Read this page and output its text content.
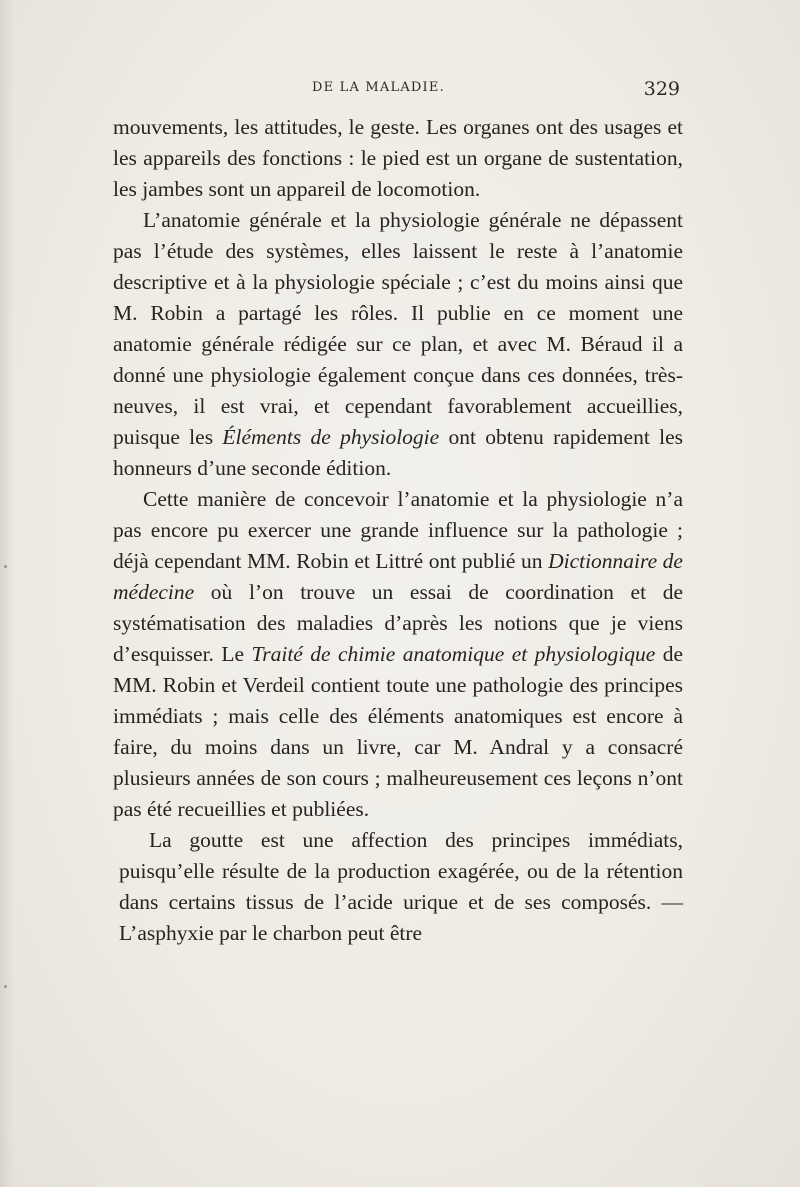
DE LA MALADIE.	329

mouvements, les attitudes, le geste. Les organes ont des usages et les appareils des fonctions : le pied est un organe de sustentation, les jambes sont un appareil de locomotion.

L’anatomie générale et la physiologie générale ne dépassent pas l’étude des systèmes, elles laissent le reste à l’anatomie descriptive et à la physiologie spéciale ; c’est du moins ainsi que M. Robin a partagé les rôles. Il publie en ce moment une anatomie générale rédigée sur ce plan, et avec M. Béraud il a donné une physiologie également conçue dans ces données, très-neuves, il est vrai, et cependant favorablement accueillies, puisque les Éléments de physiologie ont obtenu rapidement les honneurs d’une seconde édition.

Cette manière de concevoir l’anatomie et la physiologie n’a pas encore pu exercer une grande influence sur la pathologie ; déjà cependant MM. Robin et Littré ont publié un Dictionnaire de médecine où l’on trouve un essai de coordination et de systématisation des maladies d’après les notions que je viens d’esquisser. Le Traité de chimie anatomique et physiologique de MM. Robin et Verdeil contient toute une pathologie des principes immédiats ; mais celle des éléments anatomiques est encore à faire, du moins dans un livre, car M. Andral y a consacré plusieurs années de son cours ; malheureusement ces leçons n’ont pas été recueillies et publiées.

La goutte est une affection des principes immédiats, puisqu’elle résulte de la production exagérée, ou de la rétention dans certains tissus de l’acide urique et de ses composés. — L’asphyxie par le charbon peut être
